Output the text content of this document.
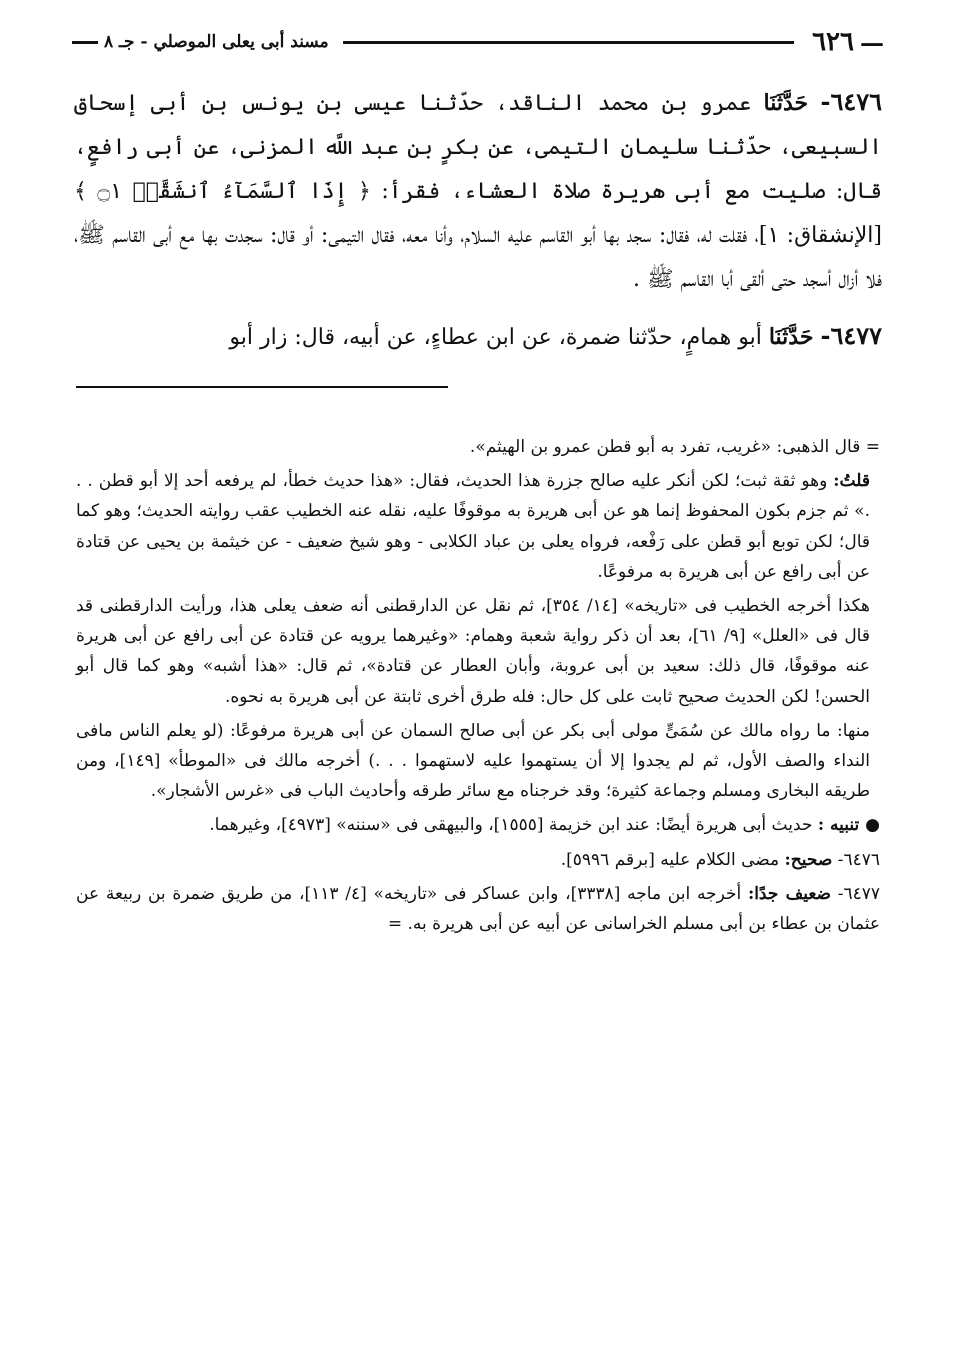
—
٦٢٦
مسند أبى يعلى الموصلي - جـ ٨

٦٤٧٦- حَدَّثَنَا عمرو بن محمد الناقد، حدّثنا عيسى بن يونس بن أبى إسحاق السبيعى، حدّثنا سليمان التيمى، عن بكرٍ بن عبد اللَّه المزنى، عن أبى رافعٍ، قال: صليت مع أبى هريرة صلاة العشاء، فقرأ: ﴿ إِذَا ٱلسَّمَآءُ ٱنشَقَّتۡ ۝١ ﴾ [الإنشقاق: ١]، فقلت له، فقال: سجد بها أبو القاسم عليه السلام، وأنا معه، فقال التيمى: أو قال: سجدت بها مع أبى القاسم ﷺ، فلا أزال أسجد حتى ألقى أبا القاسم ﷺ .

٦٤٧٧- حَدَّثَنَا أبو همامٍ، حدّثنا ضمرة، عن ابن عطاءٍ، عن أبيه، قال: زار أبو

= قال الذهبى: «غريب، تفرد به أبو قطن عمرو بن الهيثم».

قلتُ: وهو ثقة ثبت؛ لكن أنكر عليه صالح جزرة هذا الحديث، فقال: «هذا حديث خطأ، لم يرفعه أحد إلا أبو قطن . . .» ثم جزم بكون المحفوظ إنما هو عن أبى هريرة به موقوفًا عليه، نقله عنه الخطيب عقب روايته الحديث؛ وهو كما قال؛ لكن توبع أبو قطن على رَفْعه، فرواه يعلى بن عباد الكلابى - وهو شيخ ضعيف - عن خيثمة بن يحيى عن قتادة عن أبى رافع عن أبى هريرة به مرفوعًا.

هكذا أخرجه الخطيب فى «تاريخه» [١٤/ ٣٥٤]، ثم نقل عن الدارقطنى أنه ضعف يعلى هذا، ورأيت الدارقطنى قد قال فى «العلل» [٩/ ٦١]، بعد أن ذكر رواية شعبة وهمام: «وغيرهما يرويه عن قتادة عن أبى رافع عن أبى هريرة عنه موقوفًا، قال ذلك: سعيد بن أبى عروبة، وأبان العطار عن قتادة»، ثم قال: «هذا أشبه» وهو كما قال أبو الحسن! لكن الحديث صحيح ثابت على كل حال: فله طرق أخرى ثابتة عن أبى هريرة به نحوه.

منها: ما رواه مالك عن سُمَىٍّ مولى أبى بكر عن أبى صالح السمان عن أبى هريرة مرفوعًا: (لو يعلم الناس مافى النداء والصف الأول، ثم لم يجدوا إلا أن يستهموا عليه لاستهموا . . .) أخرجه مالك فى «الموطأ» [١٤٩]، ومن طريقه البخارى ومسلم وجماعة كثيرة؛ وقد خرجناه مع سائر طرقه وأحاديث الباب فى «غرس الأشجار».

● تنبيه : حديث أبى هريرة أيضًا: عند ابن خزيمة [١٥٥٥]، والبيهقى فى «سننه» [٤٩٧٣]، وغيرهما.

٦٤٧٦- صحيح: مضى الكلام عليه [برقم ٥٩٩٦].

٦٤٧٧- ضعيف جدًا: أخرجه ابن ماجه [٣٣٣٨]، وابن عساكر فى «تاريخه» [٤/ ١١٣]، من طريق ضمرة بن ربيعة عن عثمان بن عطاء بن أبى مسلم الخراسانى عن أبيه عن أبى هريرة به. =
